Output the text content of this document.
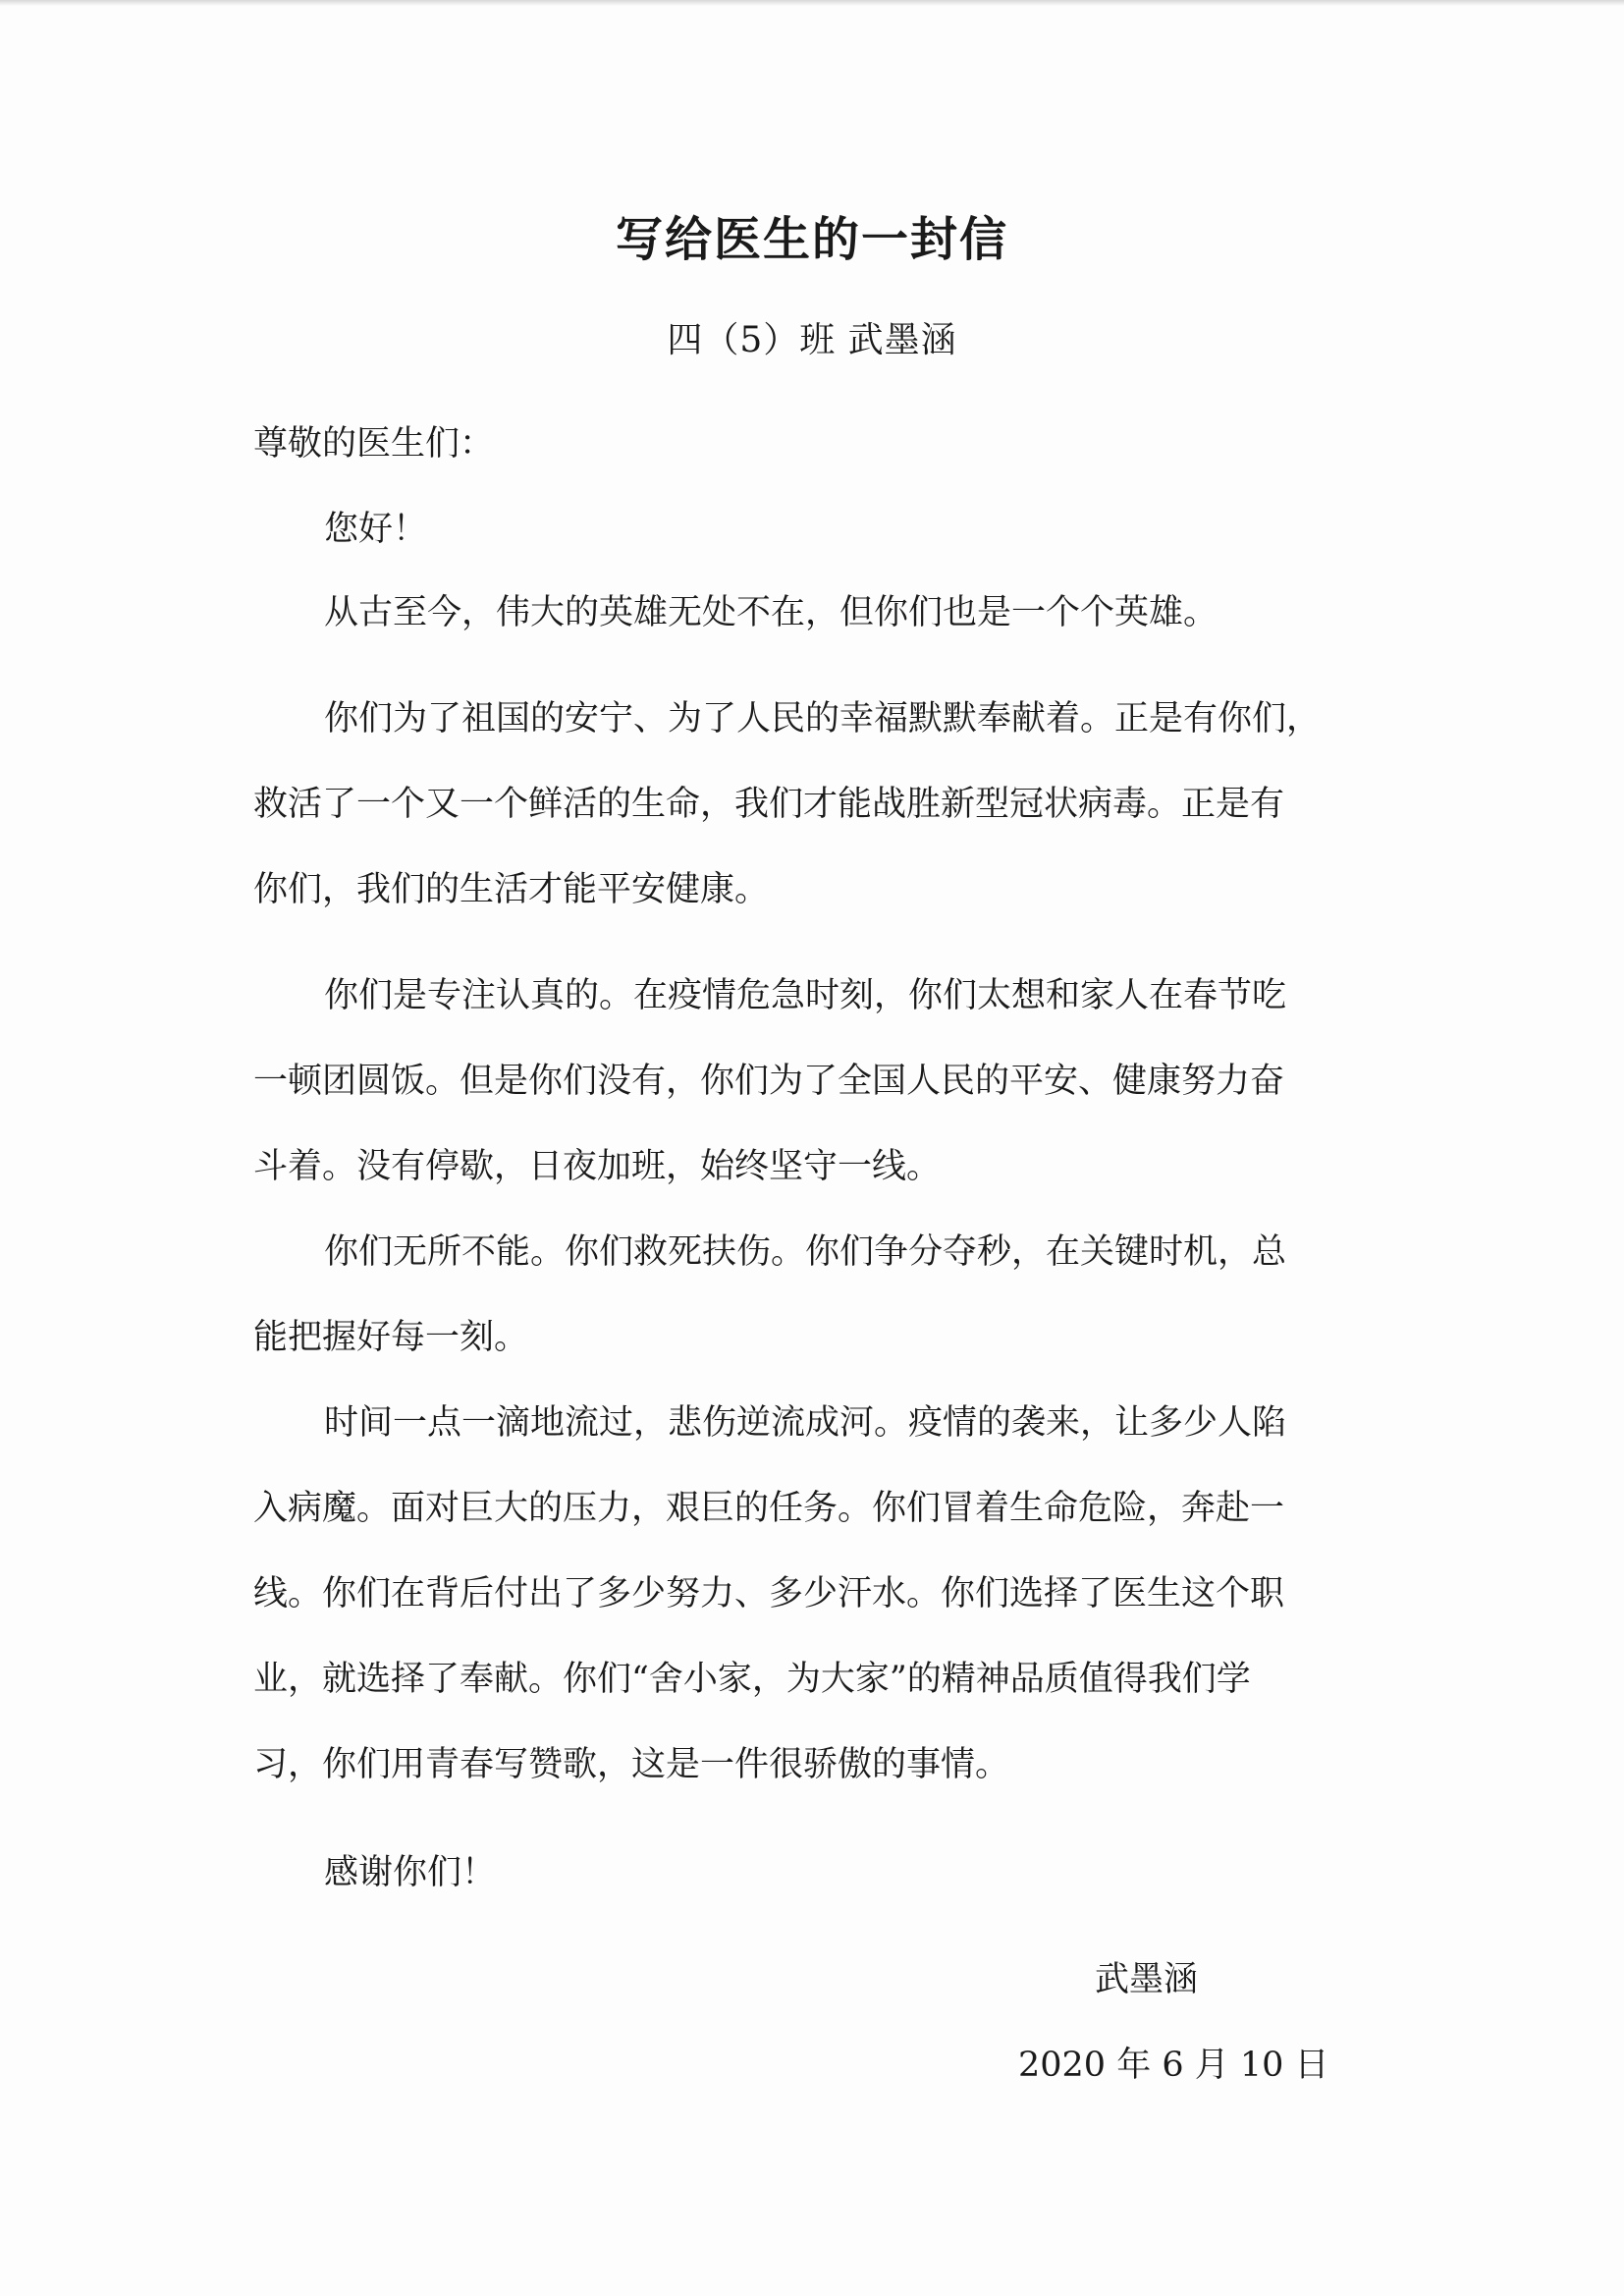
写给医生的一封信
四（5）班 武墨涵
尊敬的医生们：
您好！
从古至今，伟大的英雄无处不在，但你们也是一个个英雄。
你们为了祖国的安宁、为了人民的幸福默默奉献着。正是有你们，
救活了一个又一个鲜活的生命，我们才能战胜新型冠状病毒。正是有
你们，我们的生活才能平安健康。
你们是专注认真的。在疫情危急时刻，你们太想和家人在春节吃
一顿团圆饭。但是你们没有，你们为了全国人民的平安、健康努力奋
斗着。没有停歇，日夜加班，始终坚守一线。
你们无所不能。你们救死扶伤。你们争分夺秒，在关键时机，总
能把握好每一刻。
时间一点一滴地流过，悲伤逆流成河。疫情的袭来，让多少人陷
入病魔。面对巨大的压力，艰巨的任务。你们冒着生命危险，奔赴一
线。你们在背后付出了多少努力、多少汗水。你们选择了医生这个职
业，就选择了奉献。你们“舍小家，为大家”的精神品质值得我们学
习，你们用青春写赞歌，这是一件很骄傲的事情。
感谢你们！
武墨涵
2020 年 6 月 10 日
